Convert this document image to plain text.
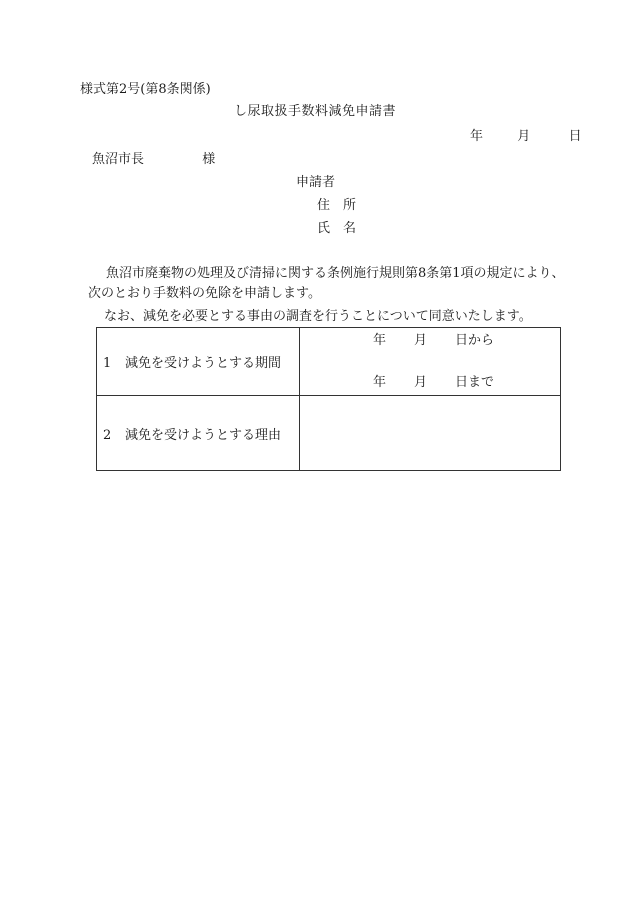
様式第2号(第8条関係)
し尿取扱手数料減免申請書
年	月	日
魚沼市長	様
申請者
住　所
氏　名
魚沼市廃棄物の処理及び清掃に関する条例施行規則第8条第1項の規定により、次のとおり手数料の免除を申請します。
なお、減免を必要とする事由の調査を行うことについて同意いたします。
1 減免を受けようとする期間	年 月 日から
年 月 日まで

2 減免を受けようとする理由	
